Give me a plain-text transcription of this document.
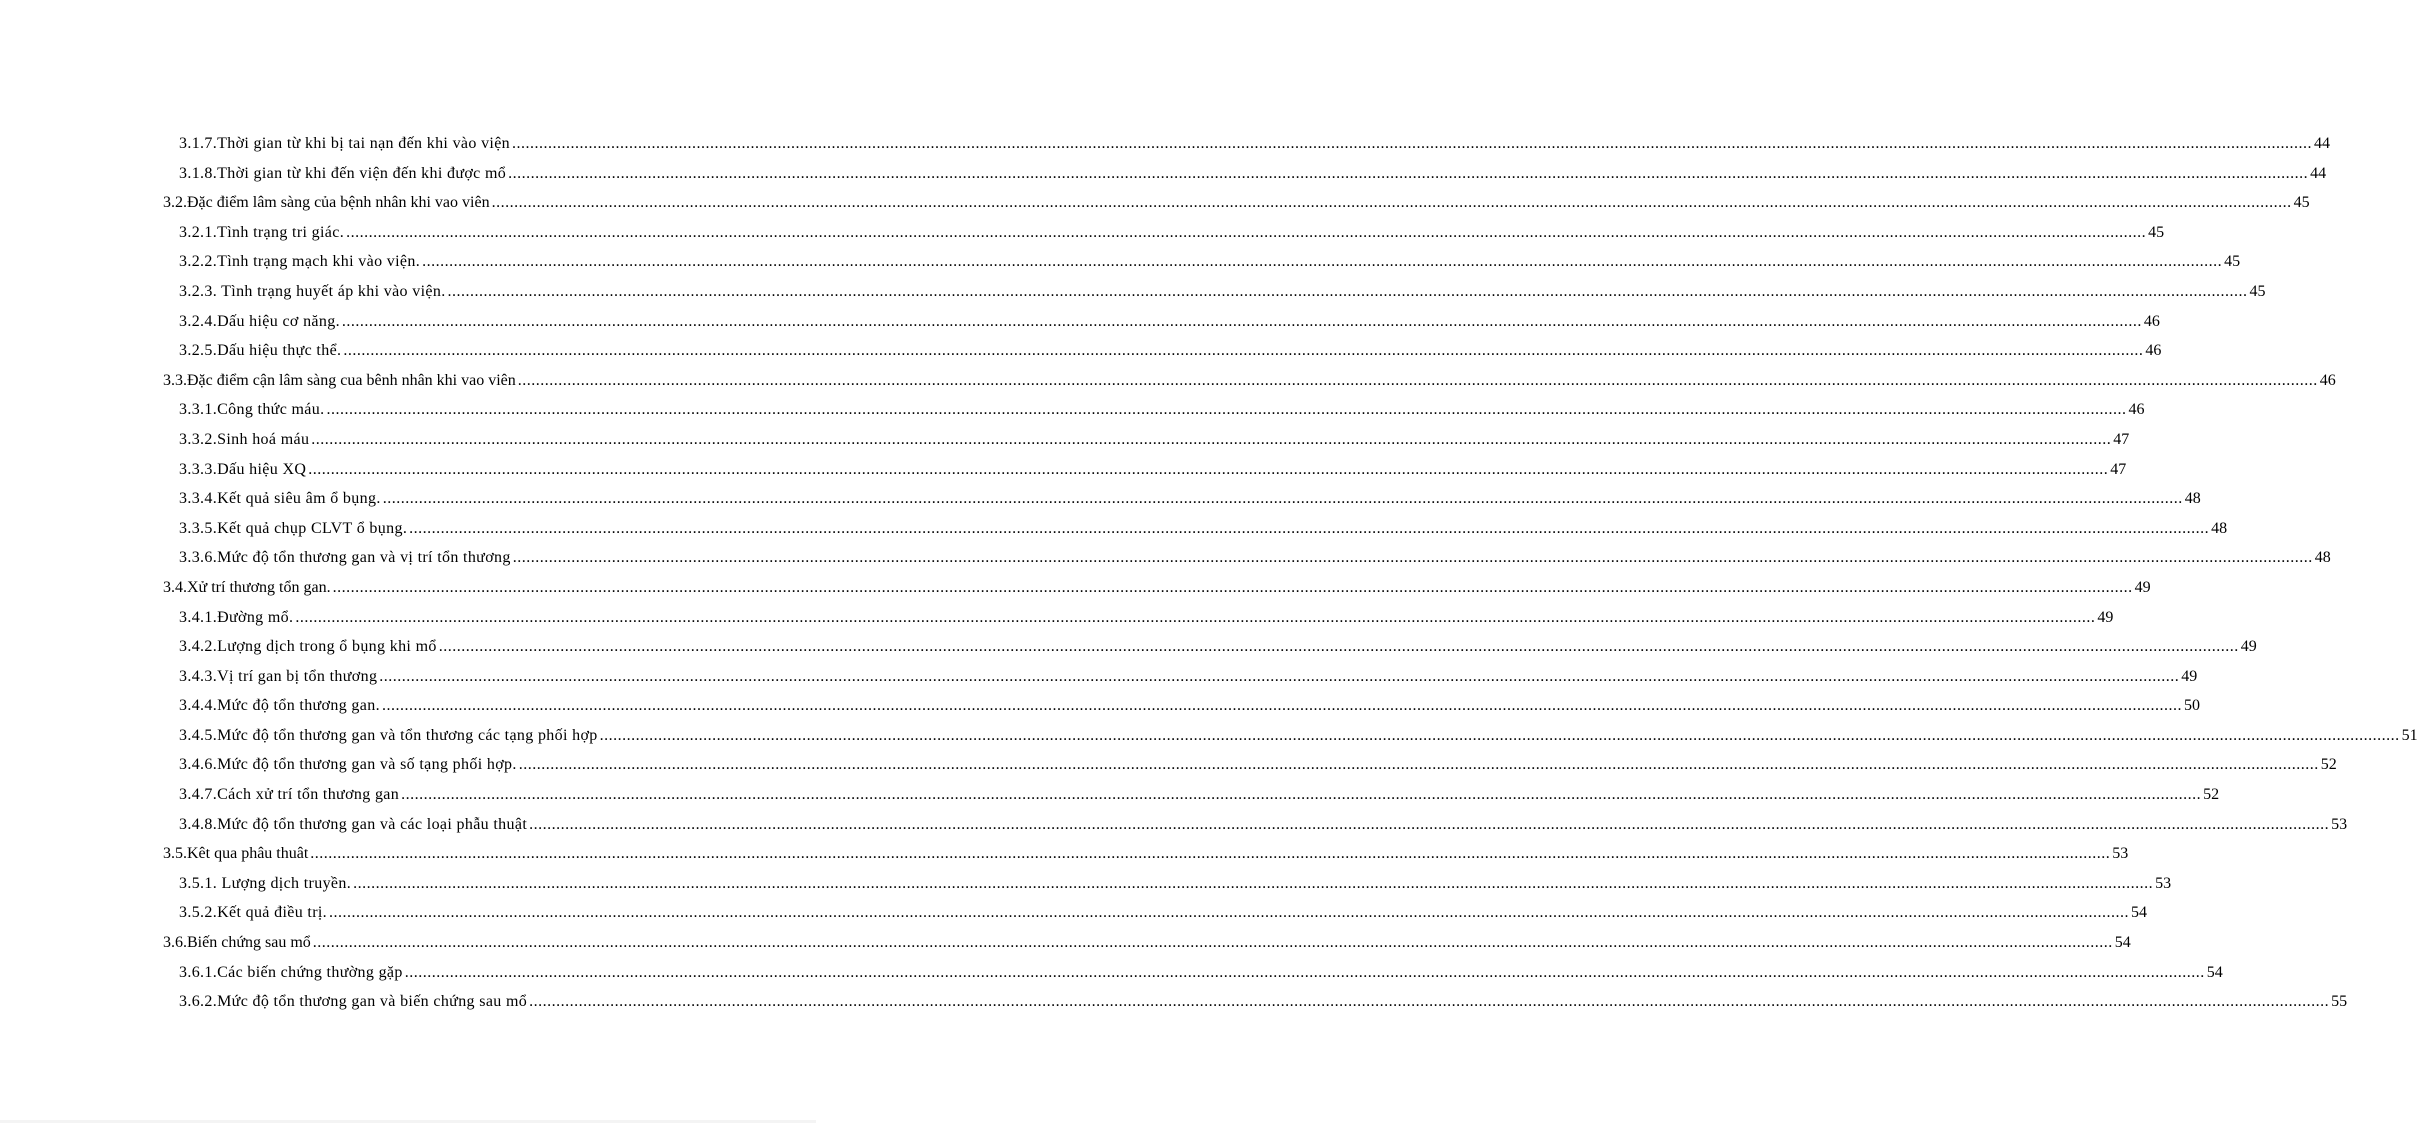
3.1.7.Thời gian từ khi bị tai nạn đến khi vào viện ................................................................................................................................................................................................................................................................................................................................................................................................................ 44
3.1.8.Thời gian từ khi đến viện đến khi được mổ ................................................................................................................................................................................................................................................................................................................................................................................................................ 44
3.2.Đặc điểm lâm sàng của bệnh nhân khi vao viên ................................................................................................................................................................................................................................................................................................................................................................................................................ 45
3.2.1.Tình trạng tri giác. ................................................................................................................................................................................................................................................................................................................................................................................................................ 45
3.2.2.Tình trạng mạch khi vào viện. ................................................................................................................................................................................................................................................................................................................................................................................................................ 45
3.2.3. Tình trạng huyết áp khi vào viện. ................................................................................................................................................................................................................................................................................................................................................................................................................ 45
3.2.4.Dấu hiệu cơ năng. ................................................................................................................................................................................................................................................................................................................................................................................................................ 46
3.2.5.Dấu hiệu thực thể. ................................................................................................................................................................................................................................................................................................................................................................................................................ 46
3.3.Đặc điểm cận lâm sàng cua bênh nhân khi vao viên ................................................................................................................................................................................................................................................................................................................................................................................................................ 46
3.3.1.Công thức máu. ................................................................................................................................................................................................................................................................................................................................................................................................................ 46
3.3.2.Sinh hoá máu ................................................................................................................................................................................................................................................................................................................................................................................................................ 47
3.3.3.Dấu hiệu XQ ................................................................................................................................................................................................................................................................................................................................................................................................................ 47
3.3.4.Kết quả siêu âm ổ bụng. ................................................................................................................................................................................................................................................................................................................................................................................................................ 48
3.3.5.Kết quả chụp CLVT ổ bụng. ................................................................................................................................................................................................................................................................................................................................................................................................................ 48
3.3.6.Mức độ tổn thương gan và vị trí tổn thương ................................................................................................................................................................................................................................................................................................................................................................................................................ 48
3.4.Xử trí thương tổn gan. ................................................................................................................................................................................................................................................................................................................................................................................................................ 49
3.4.1.Đường mổ. ................................................................................................................................................................................................................................................................................................................................................................................................................ 49
3.4.2.Lượng dịch trong ổ bụng khi mổ ................................................................................................................................................................................................................................................................................................................................................................................................................ 49
3.4.3.Vị trí gan bị tổn thương ................................................................................................................................................................................................................................................................................................................................................................................................................ 49
3.4.4.Mức độ tổn thương gan. ................................................................................................................................................................................................................................................................................................................................................................................................................ 50
3.4.5.Mức độ tổn thương gan và tổn thương các tạng phối hợp ................................................................................................................................................................................................................................................................................................................................................................................................................ 51
3.4.6.Mức độ tổn thương gan và số tạng phối hợp. ................................................................................................................................................................................................................................................................................................................................................................................................................ 52
3.4.7.Cách xử trí tổn thương gan ................................................................................................................................................................................................................................................................................................................................................................................................................ 52
3.4.8.Mức độ tổn thương gan và các loại phẫu thuật ................................................................................................................................................................................................................................................................................................................................................................................................................ 53
3.5.Kêt qua phâu thuât ................................................................................................................................................................................................................................................................................................................................................................................................................ 53
3.5.1. Lượng dịch truyền. ................................................................................................................................................................................................................................................................................................................................................................................................................ 53
3.5.2.Kết quả điều trị. ................................................................................................................................................................................................................................................................................................................................................................................................................ 54
3.6.Biến chứng sau mổ ................................................................................................................................................................................................................................................................................................................................................................................................................ 54
3.6.1.Các biến chứng thường gặp ................................................................................................................................................................................................................................................................................................................................................................................................................ 54
3.6.2.Mức độ tổn thương gan và biến chứng sau mổ ................................................................................................................................................................................................................................................................................................................................................................................................................ 55
